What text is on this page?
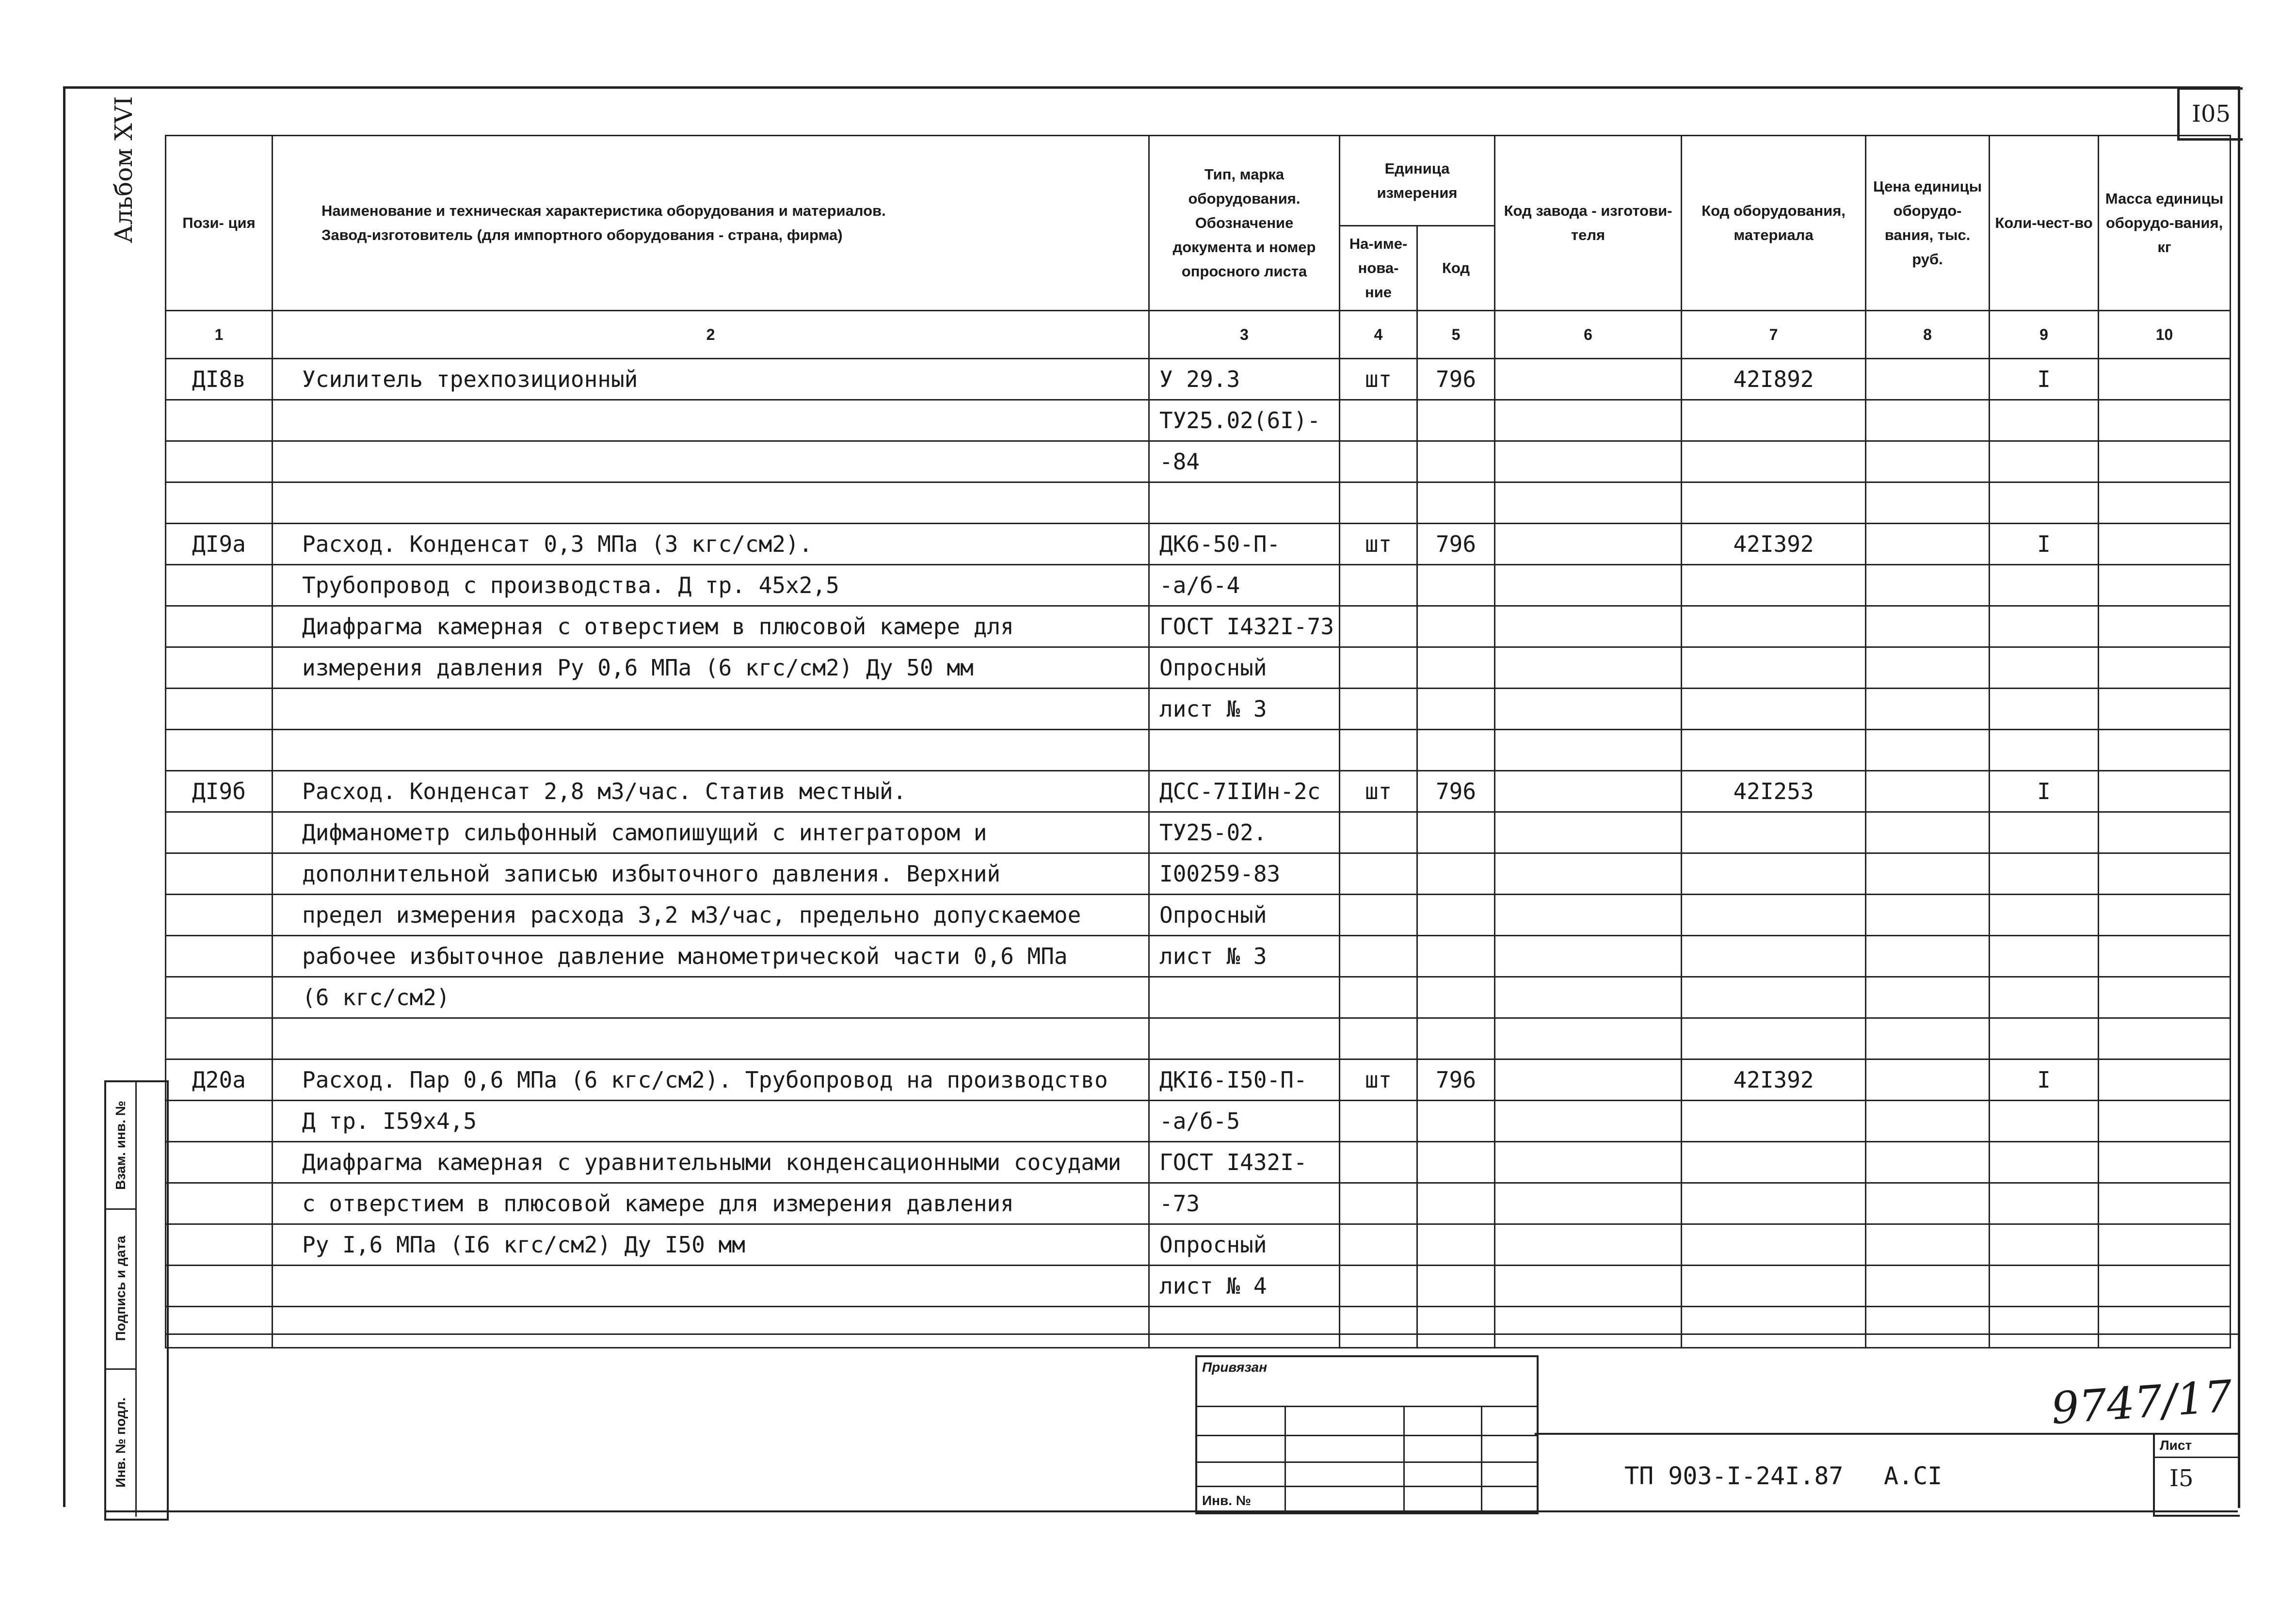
I05
Альбом XVI	Пози- ция	Наименование и техническая характеристика оборудования и материалов.
Завод-изготовитель (для импортного оборудования - страна, фирма)	Тип, марка оборудования. Обозначение документа и номер опросного листа	Единица измерения		Код завода - изготови-теля	Код оборудования, материала	Цена единицы оборудо-вания, тыс. руб.	Коли-чест-во	Масса единицы оборудо-вания, кг
			На-име-нова-ние	Код					
1	2	3	4	5	6	7	8	9	10
ДI8в	Усилитель трехпозиционный	У 29.3	шт	796		42I892		I	
		ТУ25.02(6I)-							
		-84							

ДI9а	Расход. Конденсат 0,3 МПа (3 кгс/см2).	ДК6-50-П-	шт	796		42I392		I	
	Трубопровод с производства. Д тр. 45х2,5	-а/б-4							
	Диафрагма камерная с отверстием в плюсовой камере для	ГОСТ I432I-73							
	измерения давления Ру 0,6 МПа (6 кгс/см2) Ду 50 мм	Опросный							
		лист № 3							

ДI9б	Расход. Конденсат 2,8 м3/час. Статив местный.	ДСС-7IIИн-2с	шт	796		42I253		I	
	Дифманометр сильфонный самопишущий с интегратором и	ТУ25-02.							
	дополнительной записью избыточного давления. Верхний	I00259-83							
	предел измерения расхода 3,2 м3/час, предельно допускаемое	Опросный							
	рабочее избыточное давление манометрической части 0,6 МПа	лист № 3							
	(6 кгс/см2)								

Д20а	Расход. Пар 0,6 МПа (6 кгс/см2). Трубопровод на производство	ДКI6-I50-П-	шт	796		42I392		I	
	Д тр. I59х4,5	-а/б-5							
	Диафрагма камерная с уравнительными конденсационными сосудами	ГОСТ I432I-							
	с отверстием в плюсовой камере для измерения давления	-73							
	Ру I,6 МПа (I6 кгс/см2) Ду I50 мм	Опросный							
		лист № 4							

Взам. инв. №
Подпись и дата
Инв. № подл.
Привязан
Инв. №
9747/17
ТП 903-I-24I.87 А.СI
Лист
I5
